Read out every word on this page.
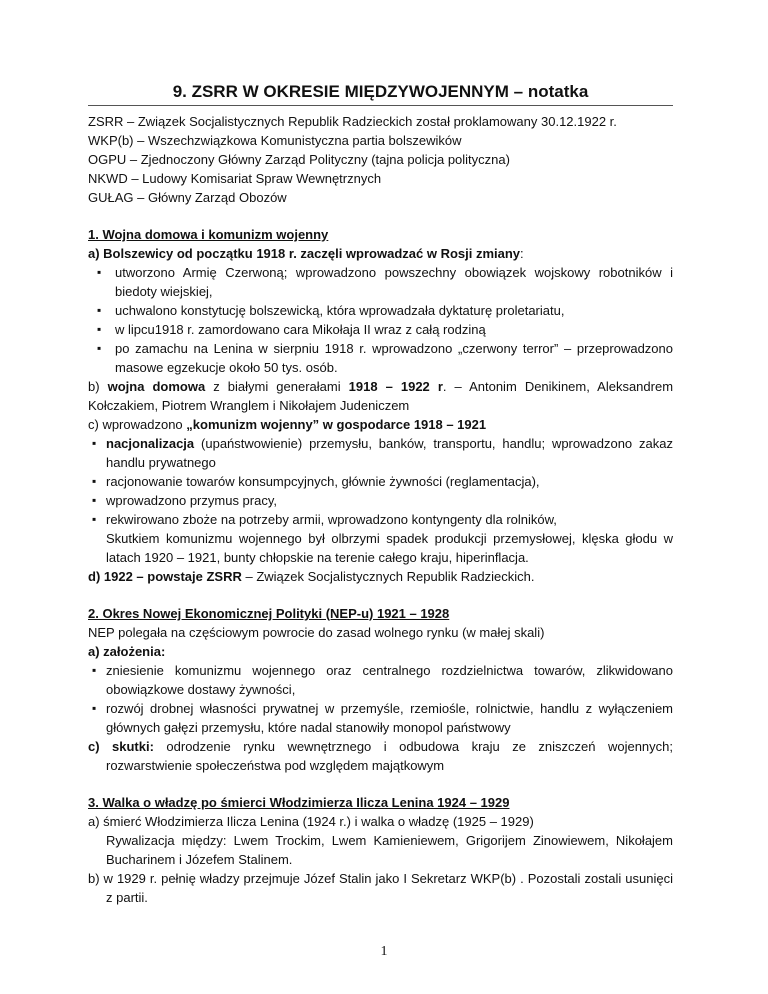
9. ZSRR W OKRESIE MIĘDZYWOJENNYM – notatka

ZSRR – Związek Socjalistycznych Republik Radzieckich został proklamowany 30.12.1922 r.

WKP(b) – Wszechzwiązkowa Komunistyczna partia bolszewików

OGPU – Zjednoczony Główny Zarząd Polityczny (tajna policja polityczna)

NKWD – Ludowy Komisariat Spraw Wewnętrznych

GUŁAG – Główny Zarząd Obozów

1. Wojna domowa i komunizm wojenny

a) Bolszewicy od początku 1918 r. zaczęli wprowadzać w Rosji zmiany:

▪ utworzono Armię Czerwoną; wprowadzono powszechny obowiązek wojskowy robotników i biedoty wiejskiej,
▪ uchwalono konstytucję bolszewicką, która wprowadzała dyktaturę proletariatu,
▪ w lipcu1918 r. zamordowano cara Mikołaja II wraz z całą rodziną
▪ po zamachu na Lenina w sierpniu 1918 r. wprowadzono „czerwony terror” – przeprowadzono masowe egzekucje około 50 tys. osób.

b) wojna domowa z białymi generałami 1918 – 1922 r. – Antonim Denikinem, Aleksandrem Kołczakiem, Piotrem Wranglem i Nikołajem Judeniczem

c) wprowadzono „komunizm wojenny” w gospodarce 1918 – 1921

▪ nacjonalizacja (upaństwowienie) przemysłu, banków, transportu, handlu; wprowadzono zakaz handlu prywatnego
▪ racjonowanie towarów konsumpcyjnych, głównie żywności (reglamentacja),
▪ wprowadzono przymus pracy,
▪ rekwirowano zboże na potrzeby armii, wprowadzono kontyngenty dla rolników,

Skutkiem komunizmu wojennego był olbrzymi spadek produkcji przemysłowej, klęska głodu w latach 1920 – 1921, bunty chłopskie na terenie całego kraju, hiperinflacja.

d) 1922 – powstaje ZSRR – Związek Socjalistycznych Republik Radzieckich.

2. Okres Nowej Ekonomicznej Polityki (NEP-u) 1921 – 1928

NEP polegała na częściowym powrocie do zasad wolnego rynku (w małej skali)

a) założenia:

▪ zniesienie komunizmu wojennego oraz centralnego rozdzielnictwa towarów, zlikwidowano obowiązkowe dostawy żywności,
▪ rozwój drobnej własności prywatnej w przemyśle, rzemiośle, rolnictwie, handlu z wyłączeniem głównych gałęzi przemysłu, które nadal stanowiły monopol państwowy

c) skutki: odrodzenie rynku wewnętrznego i odbudowa kraju ze zniszczeń wojennych; rozwarstwienie społeczeństwa pod względem majątkowym

3. Walka o władzę po śmierci Włodzimierza Ilicza Lenina 1924 – 1929

a) śmierć Włodzimierza Ilicza Lenina (1924 r.) i walka o władzę (1925 – 1929)

Rywalizacja między: Lwem Trockim, Lwem Kamieniewem, Grigorijem Zinowiewem, Nikołajem Bucharinem i Józefem Stalinem.

b) w 1929 r. pełnię władzy przejmuje Józef Stalin jako I Sekretarz WKP(b) . Pozostali zostali usunięci z partii.

1
